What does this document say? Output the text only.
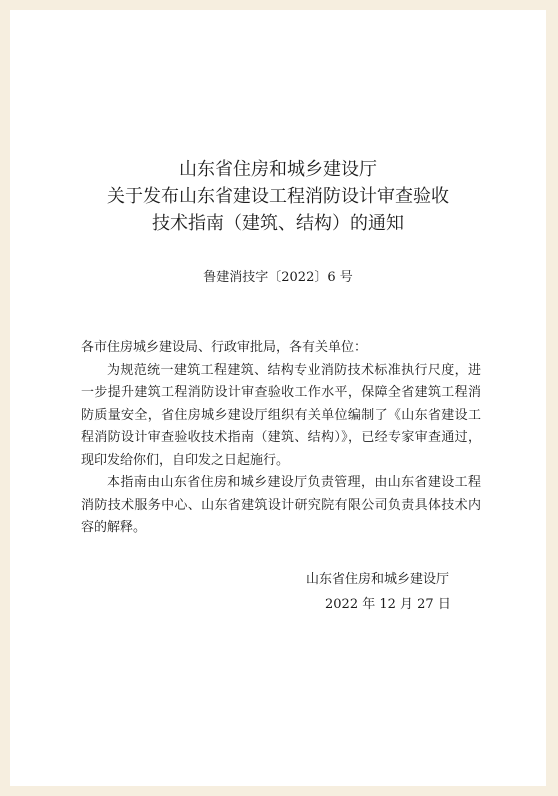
山东省住房和城乡建设厅
关于发布山东省建设工程消防设计审查验收
技术指南（建筑、结构）的通知
鲁建消技字〔2022〕6 号

各市住房城乡建设局、行政审批局，各有关单位：

为规范统一建筑工程建筑、结构专业消防技术标准执行尺度，进一步提升建筑工程消防设计审查验收工作水平，保障全省建筑工程消防质量安全，省住房城乡建设厅组织有关单位编制了《山东省建设工程消防设计审查验收技术指南（建筑、结构）》，已经专家审查通过，现印发给你们，自印发之日起施行。

本指南由山东省住房和城乡建设厅负责管理，由山东省建设工程消防技术服务中心、山东省建筑设计研究院有限公司负责具体技术内容的解释。

山东省住房和城乡建设厅
2022 年 12 月 27 日
